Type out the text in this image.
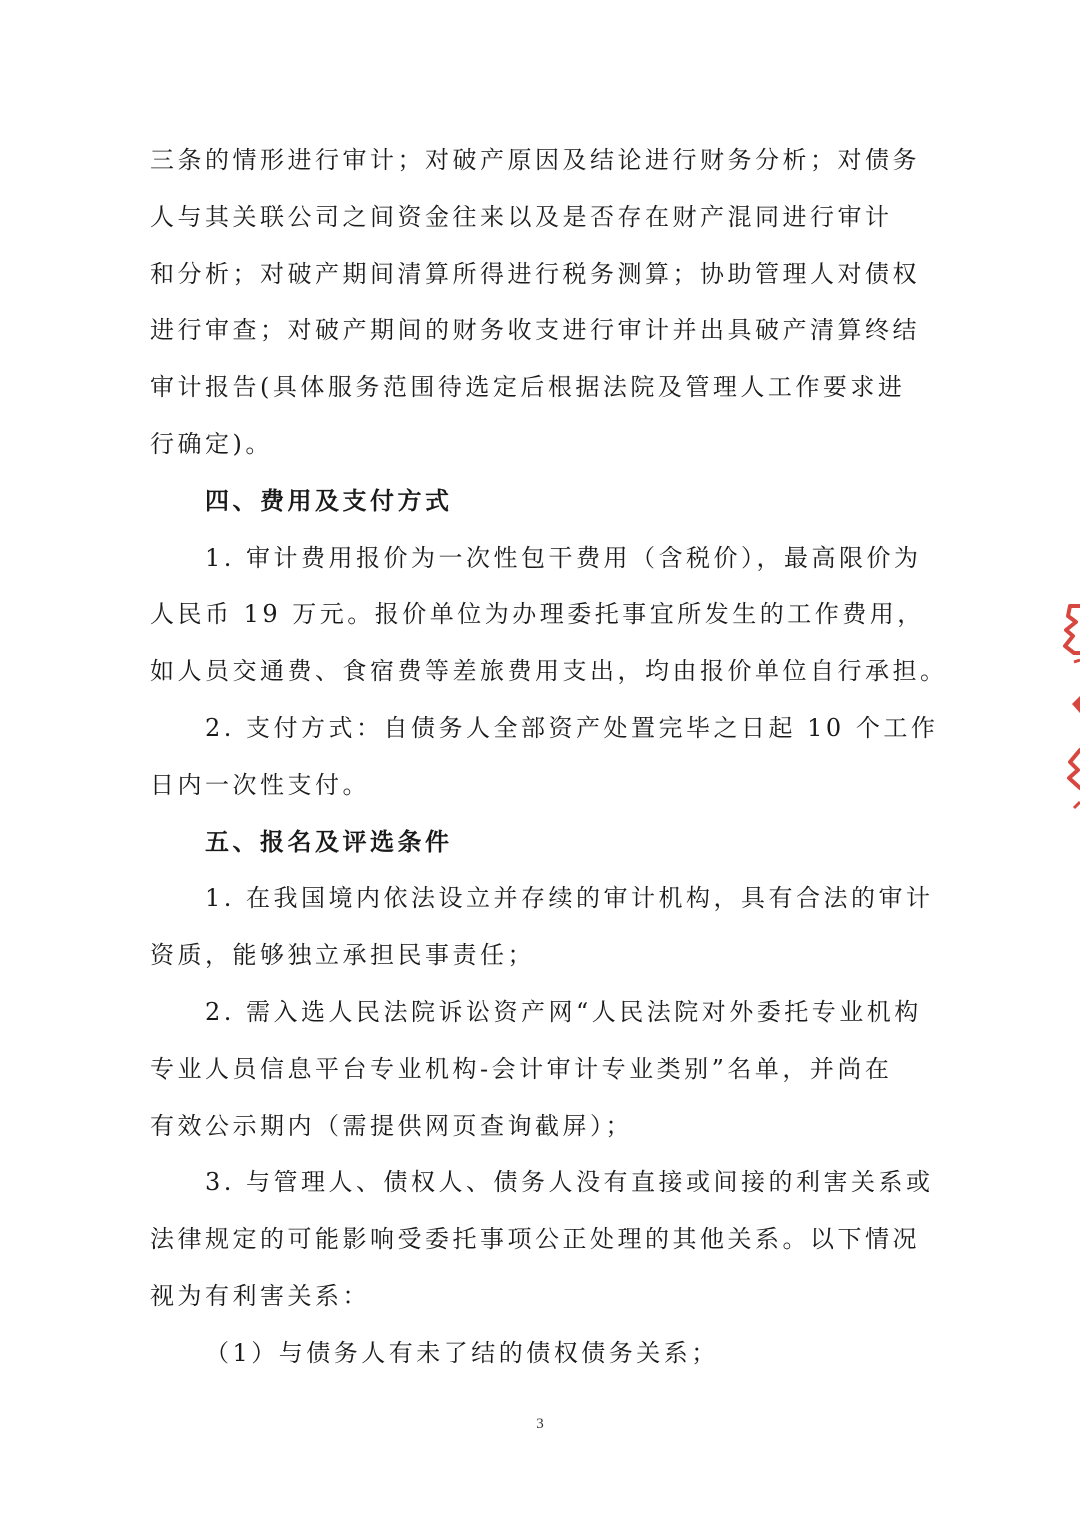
三条的情形进行审计；对破产原因及结论进行财务分析；对债务
人与其关联公司之间资金往来以及是否存在财产混同进行审计
和分析；对破产期间清算所得进行税务测算；协助管理人对债权
进行审查；对破产期间的财务收支进行审计并出具破产清算终结
审计报告(具体服务范围待选定后根据法院及管理人工作要求进
行确定)。
四、费用及支付方式
1. 审计费用报价为一次性包干费用（含税价），最高限价为
人民币 19 万元。报价单位为办理委托事宜所发生的工作费用，
如人员交通费、食宿费等差旅费用支出，均由报价单位自行承担。
2. 支付方式：自债务人全部资产处置完毕之日起 10 个工作
日内一次性支付。
五、报名及评选条件
1. 在我国境内依法设立并存续的审计机构，具有合法的审计
资质，能够独立承担民事责任；
2. 需入选人民法院诉讼资产网“人民法院对外委托专业机构
专业人员信息平台专业机构-会计审计专业类别”名单，并尚在
有效公示期内（需提供网页查询截屏）；
3. 与管理人、债权人、债务人没有直接或间接的利害关系或
法律规定的可能影响受委托事项公正处理的其他关系。以下情况
视为有利害关系：
（1）与债务人有未了结的债权债务关系；
3
